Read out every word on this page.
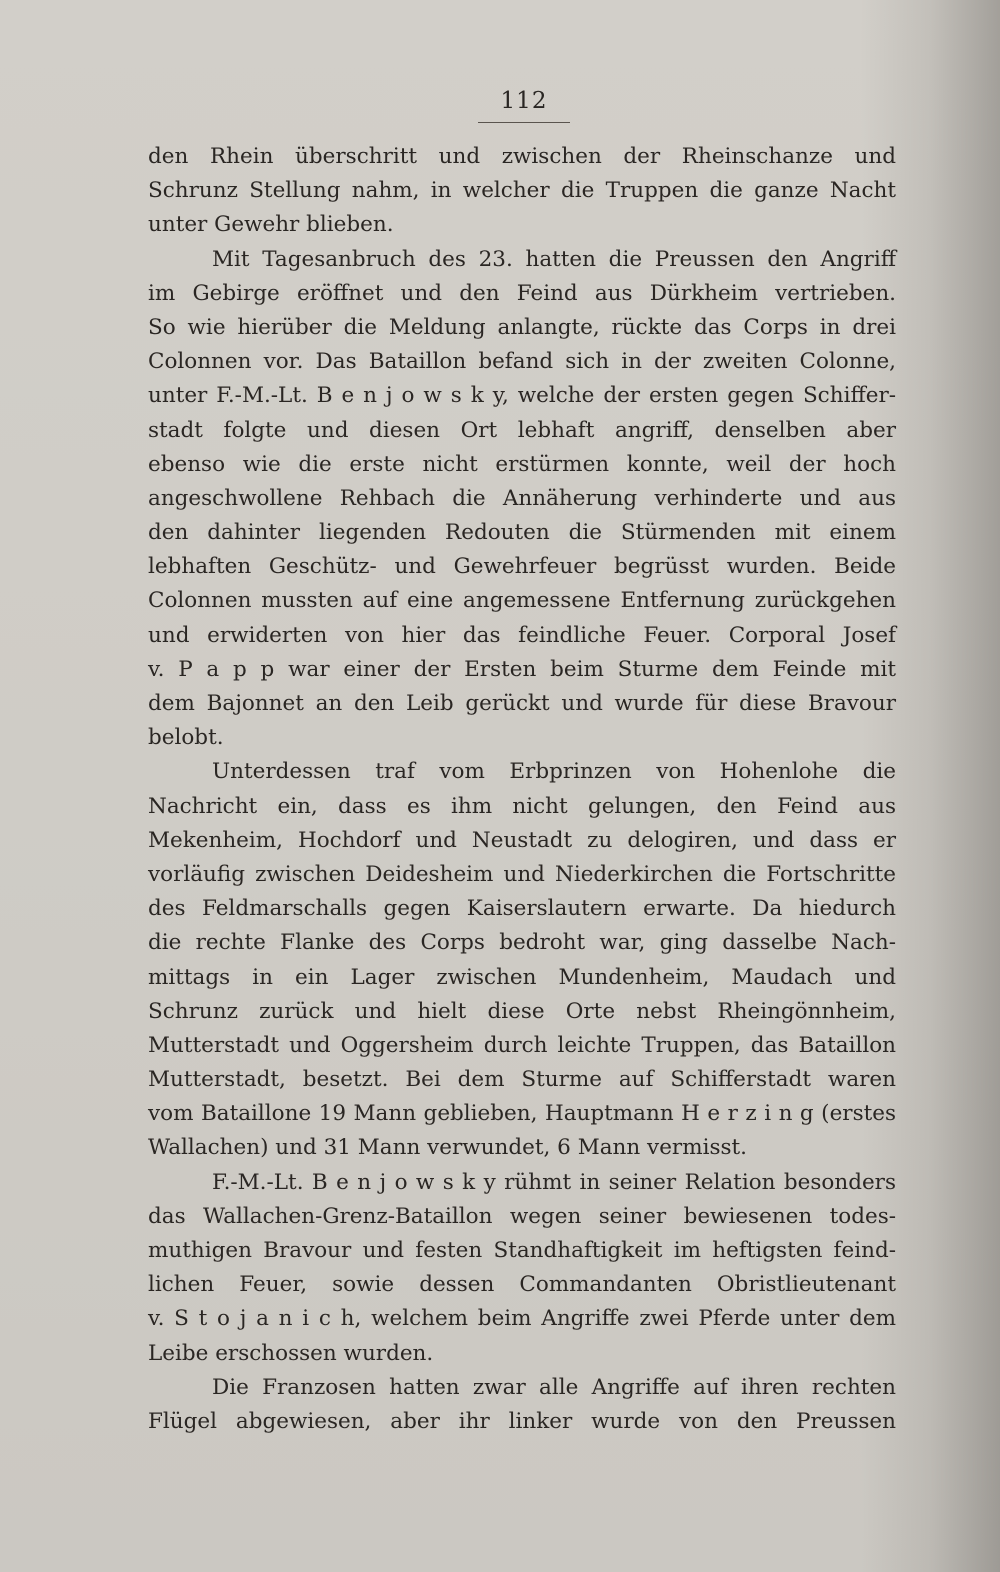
112

den Rhein überschritt und zwischen der Rheinschanze und
Schrunz Stellung nahm, in welcher die Truppen die ganze Nacht
unter Gewehr blieben.
Mit Tagesanbruch des 23. hatten die Preussen den Angriff
im Gebirge eröffnet und den Feind aus Dürkheim vertrieben.
So wie hierüber die Meldung anlangte, rückte das Corps in drei
Colonnen vor. Das Bataillon befand sich in der zweiten Colonne,
unter F.-M.-Lt. B e n j o w s k y, welche der ersten gegen Schiffer-
stadt folgte und diesen Ort lebhaft angriff, denselben aber
ebenso wie die erste nicht erstürmen konnte, weil der hoch
angeschwollene Rehbach die Annäherung verhinderte und aus
den dahinter liegenden Redouten die Stürmenden mit einem
lebhaften Geschütz- und Gewehrfeuer begrüsst wurden. Beide
Colonnen mussten auf eine angemessene Entfernung zurückgehen
und erwiderten von hier das feindliche Feuer. Corporal Josef
v. P a p p war einer der Ersten beim Sturme dem Feinde mit
dem Bajonnet an den Leib gerückt und wurde für diese Bravour
belobt.
Unterdessen traf vom Erbprinzen von Hohenlohe die
Nachricht ein, dass es ihm nicht gelungen, den Feind aus
Mekenheim, Hochdorf und Neustadt zu delogiren, und dass er
vorläufig zwischen Deidesheim und Niederkirchen die Fortschritte
des Feldmarschalls gegen Kaiserslautern erwarte. Da hiedurch
die rechte Flanke des Corps bedroht war, ging dasselbe Nach-
mittags in ein Lager zwischen Mundenheim, Maudach und
Schrunz zurück und hielt diese Orte nebst Rheingönnheim,
Mutterstadt und Oggersheim durch leichte Truppen, das Bataillon
Mutterstadt, besetzt. Bei dem Sturme auf Schifferstadt waren
vom Bataillone 19 Mann geblieben, Hauptmann H e r z i n g (erstes
Wallachen) und 31 Mann verwundet, 6 Mann vermisst.
F.-M.-Lt. B e n j o w s k y rühmt in seiner Relation besonders
das Wallachen-Grenz-Bataillon wegen seiner bewiesenen todes-
muthigen Bravour und festen Standhaftigkeit im heftigsten feind-
lichen Feuer, sowie dessen Commandanten Obristlieutenant
v. S t o j a n i c h, welchem beim Angriffe zwei Pferde unter dem
Leibe erschossen wurden.
Die Franzosen hatten zwar alle Angriffe auf ihren rechten
Flügel abgewiesen, aber ihr linker wurde von den Preussen
